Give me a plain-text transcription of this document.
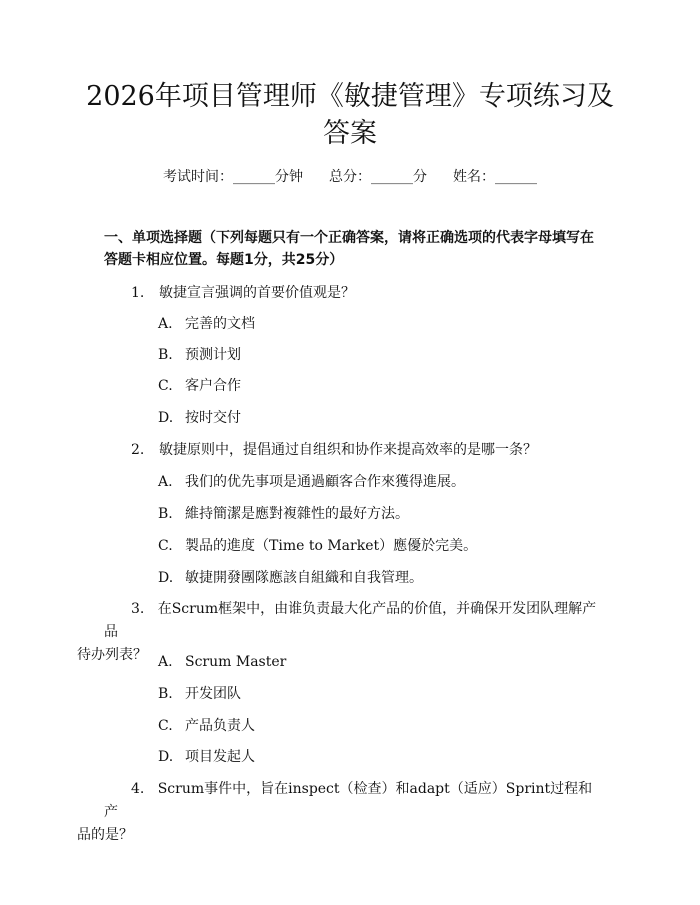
2026年项目管理师《敏捷管理》专项练习及
答案
考试时间：______分钟 总分：______分 姓名：______
一、单项选择题（下列每题只有一个正确答案，请将正确选项的代表字母填写在
答题卡相应位置。每题1分，共25分）
1. 敏捷宣言强调的首要价值观是？
A. 完善的文档
B. 预测计划
C. 客户合作
D. 按时交付
2. 敏捷原则中，提倡通过自组织和协作来提高效率的是哪一条？
A. 我们的优先事项是通過顧客合作來獲得進展。
B. 維持簡潔是應對複雜性的最好方法。
C. 製品的進度（Time to Market）應優於完美。
D. 敏捷開發團隊應該自組織和自我管理。
3. 在Scrum框架中，由谁负责最大化产品的价值，并确保开发团队理解产品
待办列表？ A. Scrum Master
B. 开发团队
C. 产品负责人
D. 项目发起人
4. Scrum事件中，旨在inspect（检查）和adapt（适应）Sprint过程和产
品的是？
